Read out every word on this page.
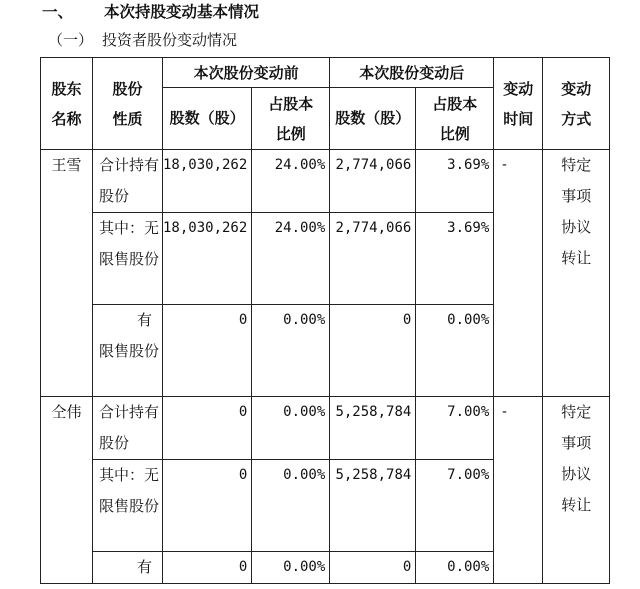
一、 本次持股变动基本情况
（一） 投资者股份变动情况
股东名称	股份性质	本次股份变动前		本次股份变动后		变动时间	变动方式

		股数（股）	占股本比例	股数（股）	占股本比例		

王雪	合计持有股份	18,030,262	24.00%	2,774,066	3.69%	-	特定事项协议转让

	其中：无限售股份	18,030,262	24.00%	2,774,066	3.69%		

	有限售股份	0	0.00%	0	0.00%		
仝伟	合计持有股份	0	0.00%	5,258,784	7.00%	-	特定事项协议转让

	其中：无限售股份	0	0.00%	5,258,784	7.00%		

	有	0	0.00%	0	0.00%		
